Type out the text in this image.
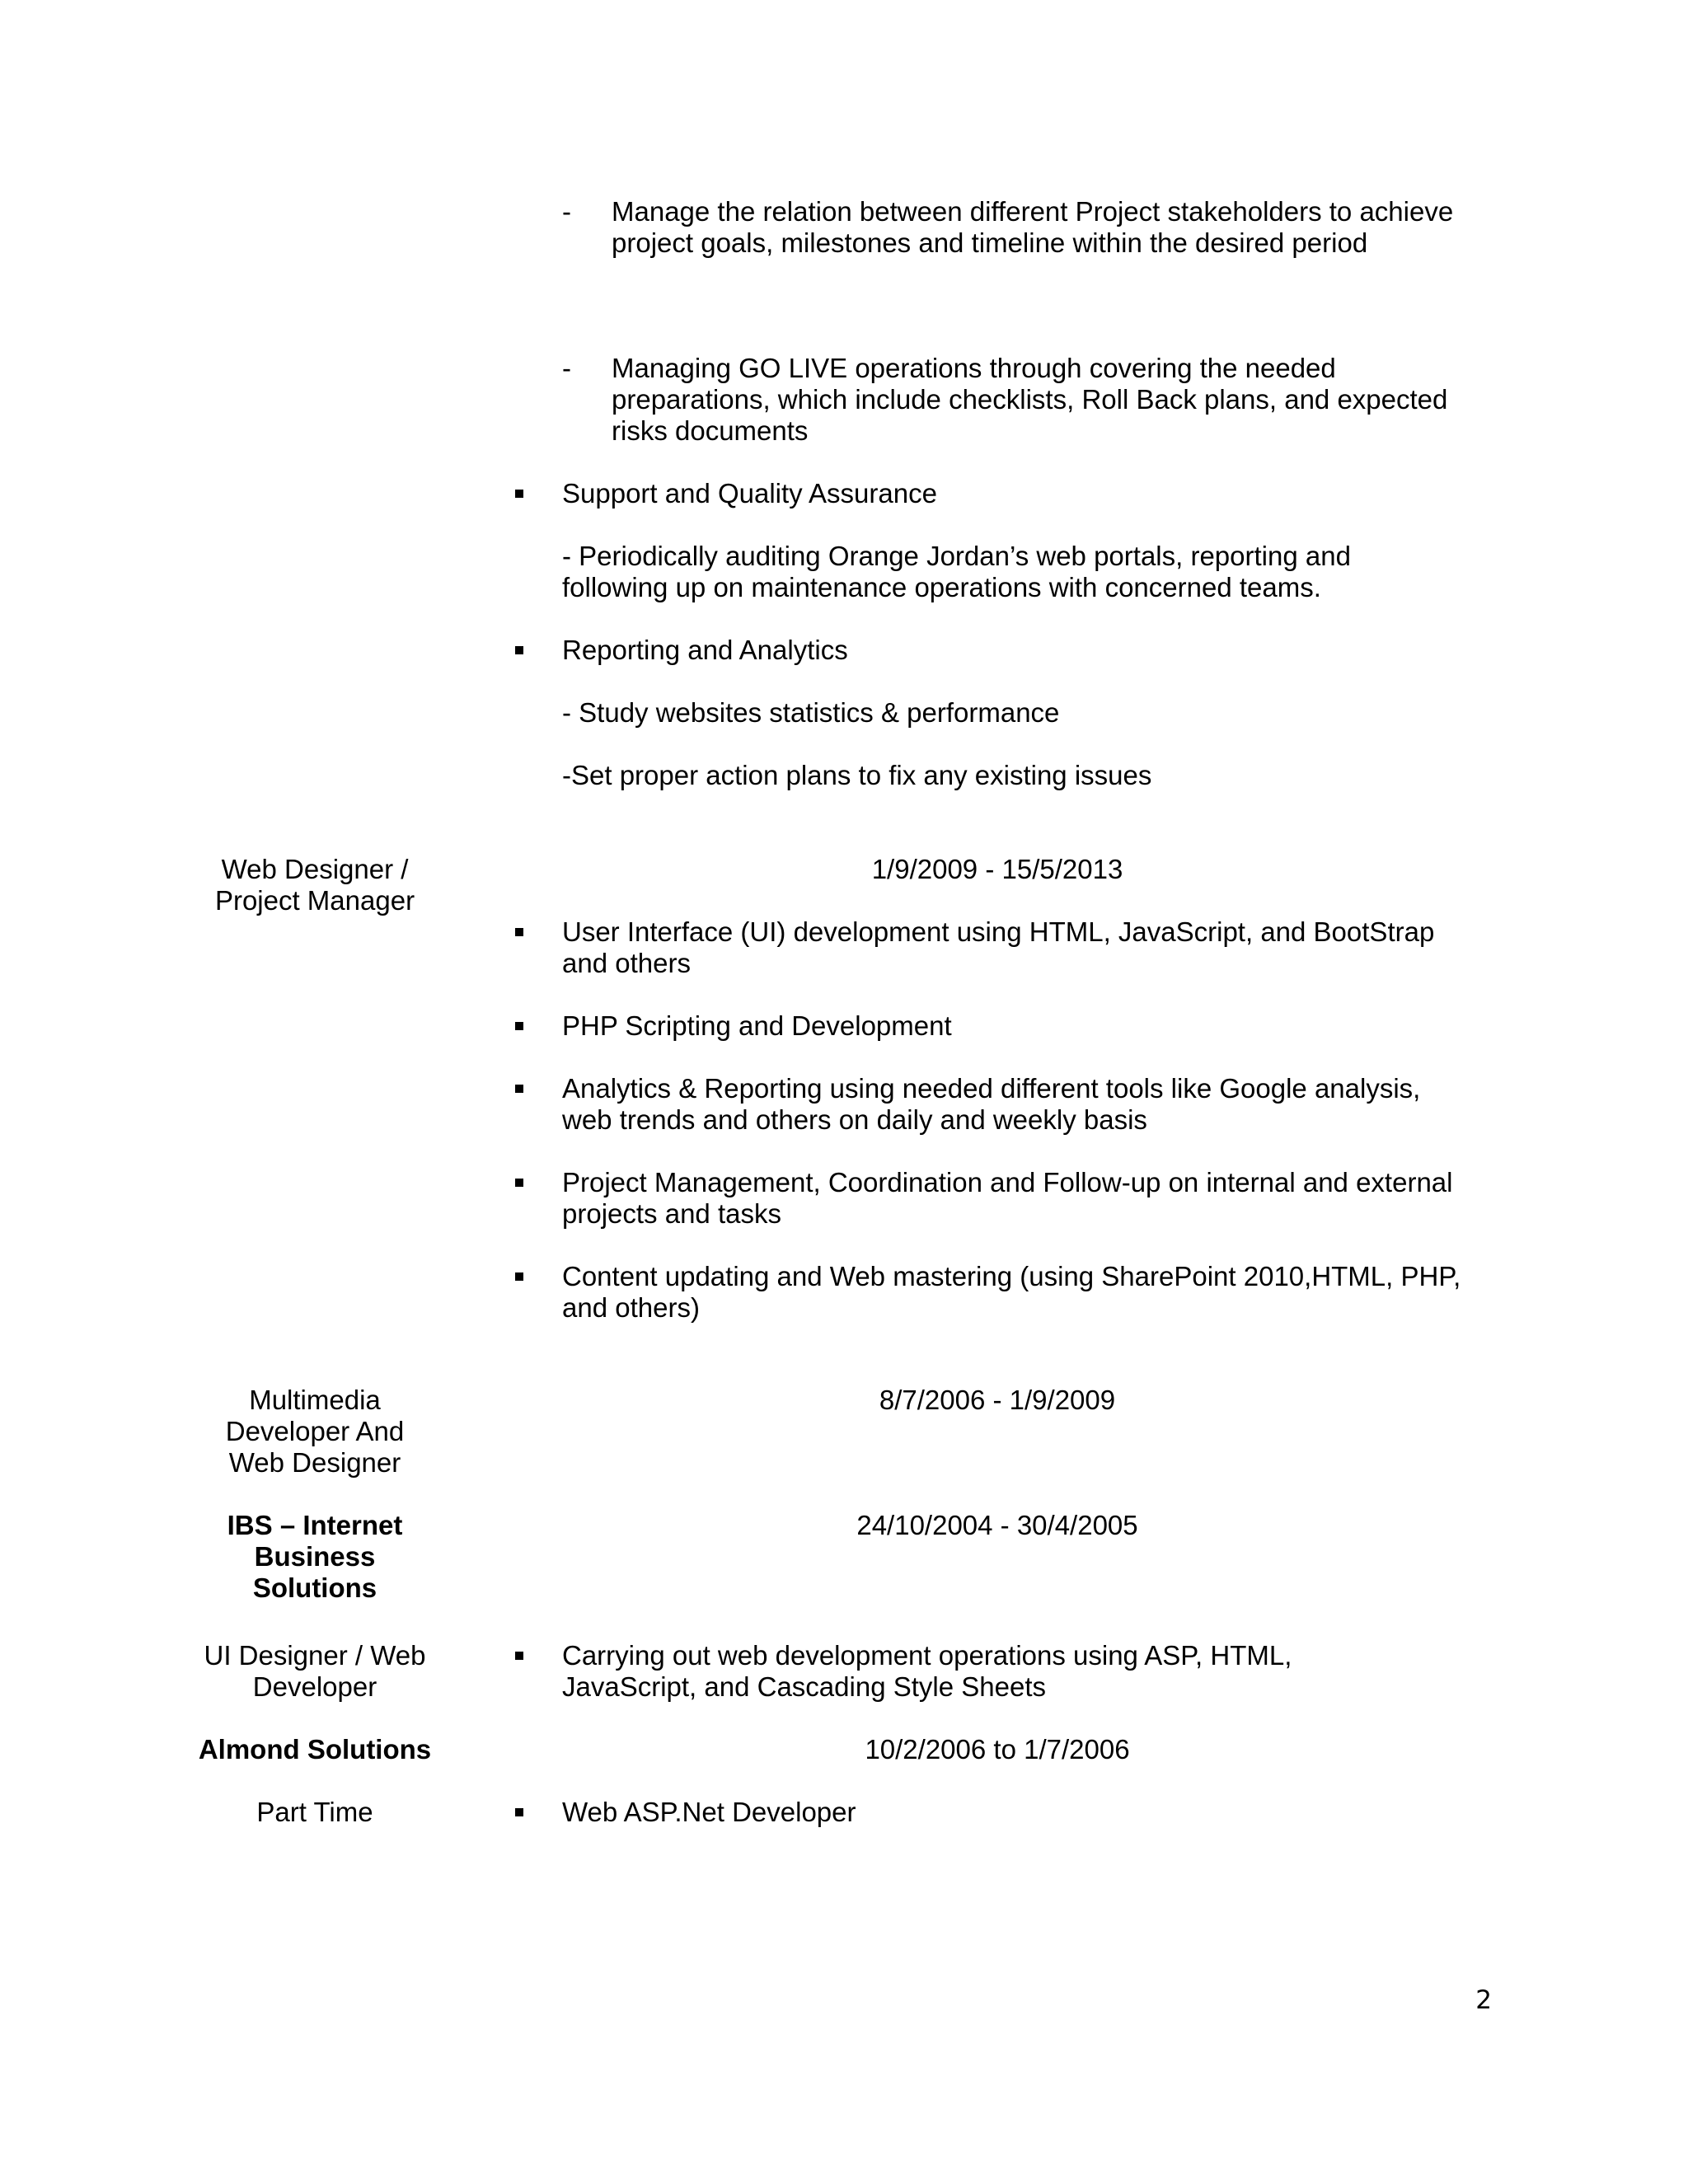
- Manage the relation between different Project stakeholders to achieve project goals, milestones and timeline within the desired period
- Managing GO LIVE operations through covering the needed preparations, which include checklists, Roll Back plans, and expected risks documents
Support and Quality Assurance
- Periodically auditing Orange Jordan’s web portals, reporting and following up on maintenance operations with concerned teams.
Reporting and Analytics
- Study websites statistics & performance
-Set proper action plans to fix any existing issues
Web Designer / Project Manager
1/9/2009 - 15/5/2013
User Interface (UI) development using HTML, JavaScript, and BootStrap and others
PHP Scripting and Development
Analytics & Reporting using needed different tools like Google analysis, web trends and others on daily and weekly basis
Project Management, Coordination and Follow-up on internal and external projects and tasks
Content updating and Web mastering (using SharePoint 2010,HTML, PHP, and others)
Multimedia Developer And Web Designer
8/7/2006 - 1/9/2009
IBS – Internet Business Solutions
24/10/2004 - 30/4/2005
UI Designer / Web Developer
Carrying out web development operations using ASP, HTML, JavaScript, and Cascading Style Sheets
Almond Solutions	10/2/2006 to 1/7/2006
Part Time	Web ASP.Net Developer
2
